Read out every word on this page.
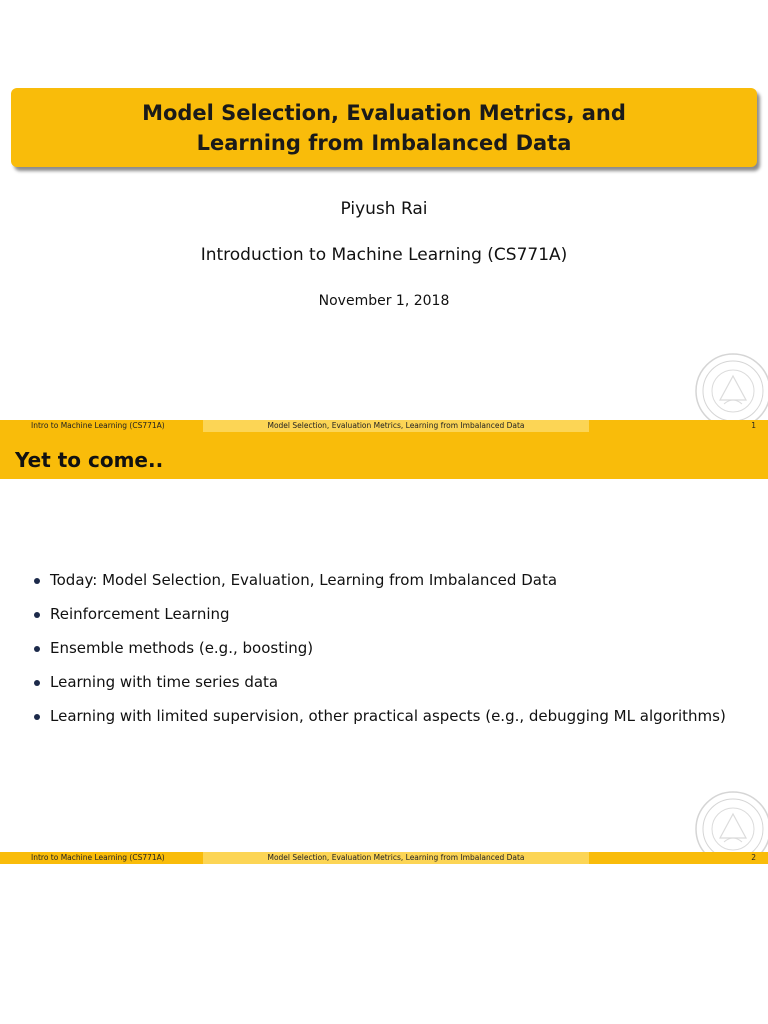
Model Selection, Evaluation Metrics, and
Learning from Imbalanced Data
Piyush Rai
Introduction to Machine Learning (CS771A)
November 1, 2018
Intro to Machine Learning (CS771A)	Model Selection, Evaluation Metrics, Learning from Imbalanced Data	1
Yet to come..
Today: Model Selection, Evaluation, Learning from Imbalanced Data
Reinforcement Learning
Ensemble methods (e.g., boosting)
Learning with time series data
Learning with limited supervision, other practical aspects (e.g., debugging ML algorithms)
Intro to Machine Learning (CS771A)	Model Selection, Evaluation Metrics, Learning from Imbalanced Data	2
